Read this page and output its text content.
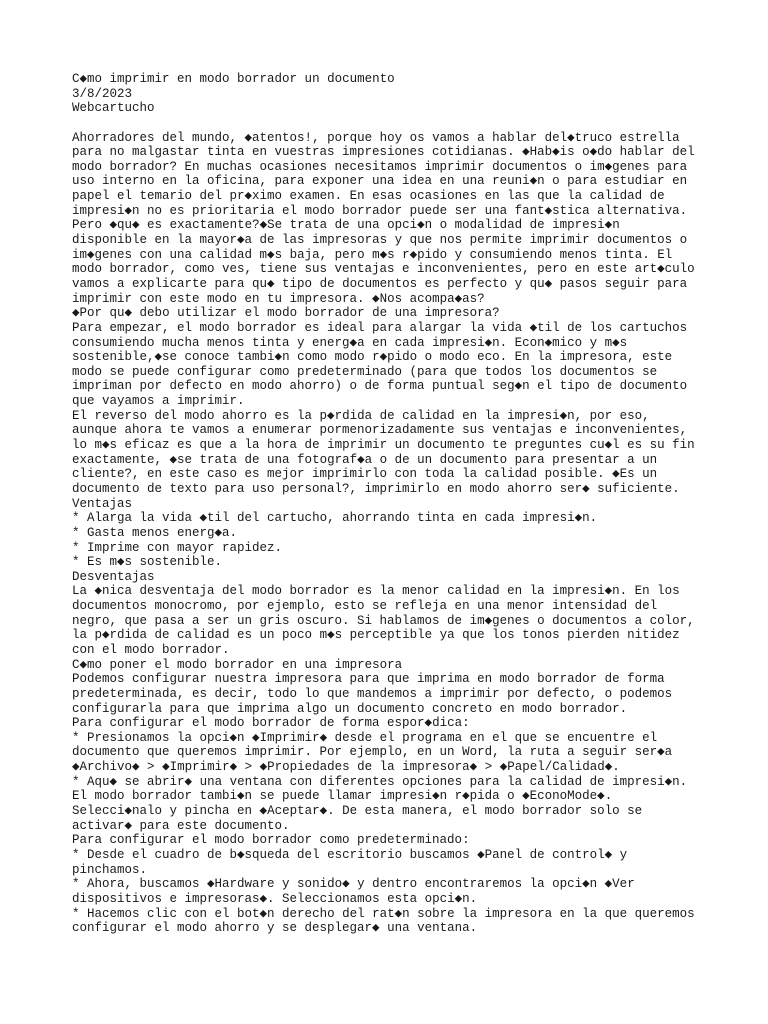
C◆mo imprimir en modo borrador un documento
3/8/2023
Webcartucho
Ahorradores del mundo, ◆atentos!, porque hoy os vamos a hablar del◆truco estrella
para no malgastar tinta en vuestras impresiones cotidianas. ◆Hab◆is o◆do hablar del
modo borrador? En muchas ocasiones necesitamos imprimir documentos o im◆genes para
uso interno en la oficina, para exponer una idea en una reuni◆n o para estudiar en
papel el temario del pr◆ximo examen. En esas ocasiones en las que la calidad de
impresi◆n no es prioritaria el modo borrador puede ser una fant◆stica alternativa.
Pero ◆qu◆ es exactamente?◆Se trata de una opci◆n o modalidad de impresi◆n
disponible en la mayor◆a de las impresoras y que nos permite imprimir documentos o
im◆genes con una calidad m◆s baja, pero m◆s r◆pido y consumiendo menos tinta. El
modo borrador, como ves, tiene sus ventajas e inconvenientes, pero en este art◆culo
vamos a explicarte para qu◆ tipo de documentos es perfecto y qu◆ pasos seguir para
imprimir con este modo en tu impresora. ◆Nos acompa◆as?
◆Por qu◆ debo utilizar el modo borrador de una impresora?
Para empezar, el modo borrador es ideal para alargar la vida ◆til de los cartuchos
consumiendo mucha menos tinta y energ◆a en cada impresi◆n. Econ◆mico y m◆s
sostenible,◆se conoce tambi◆n como modo r◆pido o modo eco. En la impresora, este
modo se puede configurar como predeterminado (para que todos los documentos se
impriman por defecto en modo ahorro) o de forma puntual seg◆n el tipo de documento
que vayamos a imprimir.
El reverso del modo ahorro es la p◆rdida de calidad en la impresi◆n, por eso,
aunque ahora te vamos a enumerar pormenorizadamente sus ventajas e inconvenientes,
lo m◆s eficaz es que a la hora de imprimir un documento te preguntes cu◆l es su fin
exactamente, ◆se trata de una fotograf◆a o de un documento para presentar a un
cliente?, en este caso es mejor imprimirlo con toda la calidad posible. ◆Es un
documento de texto para uso personal?, imprimirlo en modo ahorro ser◆ suficiente.
Ventajas
* Alarga la vida ◆til del cartucho, ahorrando tinta en cada impresi◆n.
* Gasta menos energ◆a.
* Imprime con mayor rapidez.
* Es m◆s sostenible.
Desventajas
La ◆nica desventaja del modo borrador es la menor calidad en la impresi◆n. En los
documentos monocromo, por ejemplo, esto se refleja en una menor intensidad del
negro, que pasa a ser un gris oscuro. Si hablamos de im◆genes o documentos a color,
la p◆rdida de calidad es un poco m◆s perceptible ya que los tonos pierden nitidez
con el modo borrador.
C◆mo poner el modo borrador en una impresora
Podemos configurar nuestra impresora para que imprima en modo borrador de forma
predeterminada, es decir, todo lo que mandemos a imprimir por defecto, o podemos
configurarla para que imprima algo un documento concreto en modo borrador.
Para configurar el modo borrador de forma espor◆dica:
* Presionamos la opci◆n ◆Imprimir◆ desde el programa en el que se encuentre el
documento que queremos imprimir. Por ejemplo, en un Word, la ruta a seguir ser◆a
◆Archivo◆ > ◆Imprimir◆ > ◆Propiedades de la impresora◆ > ◆Papel/Calidad◆.
* Aqu◆ se abrir◆ una ventana con diferentes opciones para la calidad de impresi◆n.
El modo borrador tambi◆n se puede llamar impresi◆n r◆pida o ◆EconoMode◆.
Selecci◆nalo y pincha en ◆Aceptar◆. De esta manera, el modo borrador solo se
activar◆ para este documento.
Para configurar el modo borrador como predeterminado:
* Desde el cuadro de b◆squeda del escritorio buscamos ◆Panel de control◆ y
pinchamos.
* Ahora, buscamos ◆Hardware y sonido◆ y dentro encontraremos la opci◆n ◆Ver
dispositivos e impresoras◆. Seleccionamos esta opci◆n.
* Hacemos clic con el bot◆n derecho del rat◆n sobre la impresora en la que queremos
configurar el modo ahorro y se desplegar◆ una ventana.
